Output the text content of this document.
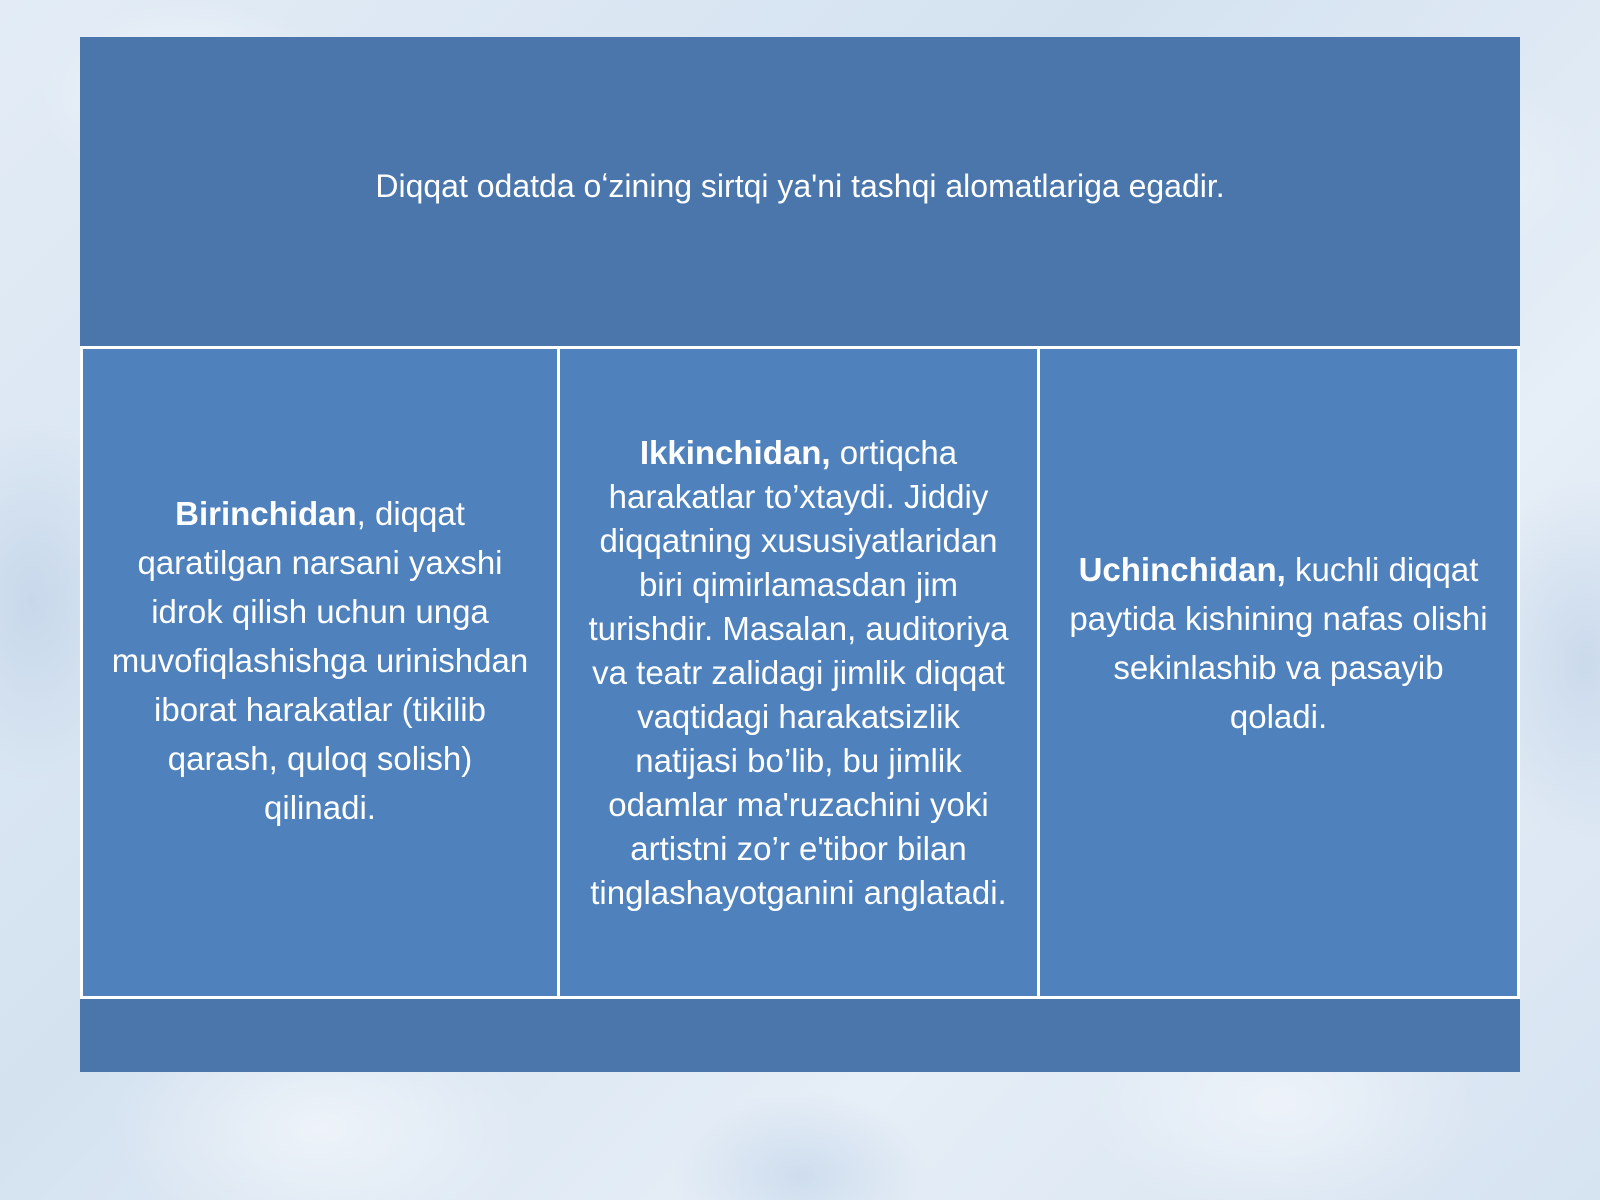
Diqqat odatda oʻzining sirtqi ya'ni tashqi alomatlariga egadir.
Birinchidan, diqqat qaratilgan narsani yaxshi idrok qilish uchun unga muvofiqlashishga urinishdan iborat harakatlar (tikilib qarash, quloq solish) qilinadi.
Ikkinchidan, ortiqcha harakatlar to’xtaydi. Jiddiy diqqatning xususiyatlaridan biri qimirlamasdan jim turishdir. Masalan, auditoriya va teatr zalidagi jimlik diqqat vaqtidagi harakatsizlik natijasi bo’lib, bu jimlik odamlar ma'ruzachini yoki artistni zo’r e'tibor bilan tinglashayotganini anglatadi.
Uchinchidan, kuchli diqqat paytida kishining nafas olishi sekinlashib va pasayib qoladi.
